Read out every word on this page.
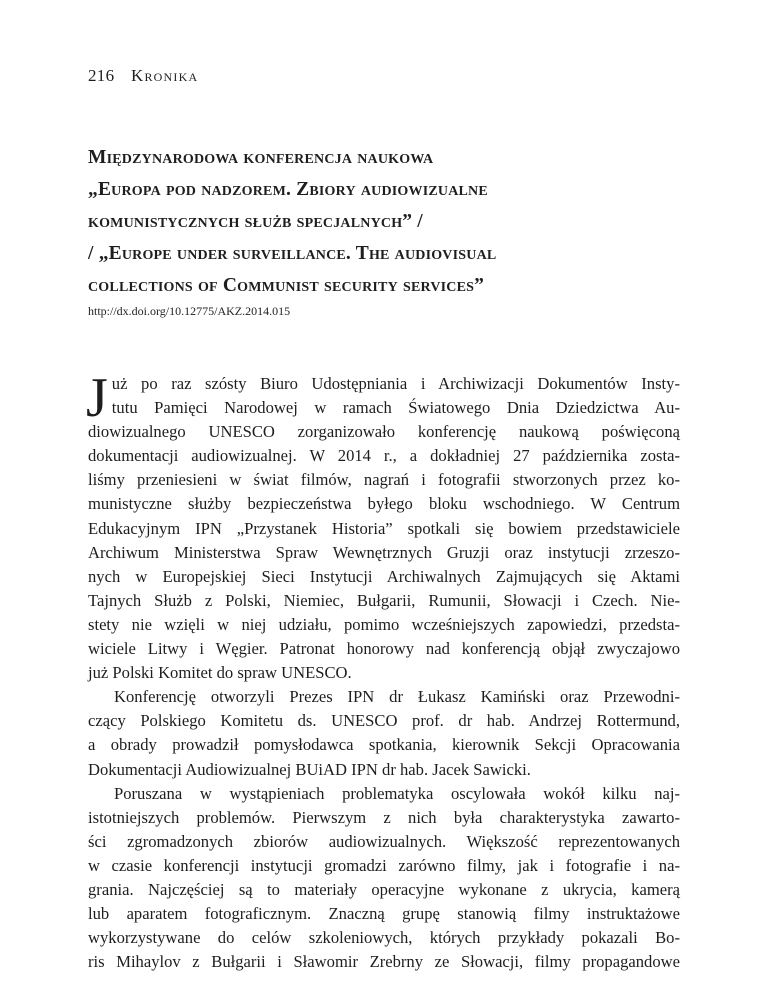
216 Kronika
Międzynarodowa konferencja naukowa
„Europa pod nadzorem. Zbiory audiowizualne
komunistycznych służb specjalnych” /
/ „Europe under surveillance. The audiovisual
collections of Communist security services”
http://dx.doi.org/10.12775/AKZ.2014.015

J uż po raz szósty Biuro Udostępniania i Archiwizacji Dokumentów Insty-
tutu Pamięci Narodowej w ramach Światowego Dnia Dziedzictwa Au-
diowizualnego UNESCO zorganizowało konferencję naukową poświęconą
dokumentacji audiowizualnej. W 2014 r., a dokładniej 27 października zosta-
liśmy przeniesieni w świat filmów, nagrań i fotografii stworzonych przez ko-
munistyczne służby bezpieczeństwa byłego bloku wschodniego. W Centrum
Edukacyjnym IPN „Przystanek Historia” spotkali się bowiem przedstawiciele
Archiwum Ministerstwa Spraw Wewnętrznych Gruzji oraz instytucji zrzeszo-
nych w Europejskiej Sieci Instytucji Archiwalnych Zajmujących się Aktami
Tajnych Służb z Polski, Niemiec, Bułgarii, Rumunii, Słowacji i Czech. Nie-
stety nie wzięli w niej udziału, pomimo wcześniejszych zapowiedzi, przedsta-
wiciele Litwy i Węgier. Patronat honorowy nad konferencją objął zwyczajowo
już Polski Komitet do spraw UNESCO.

Konferencję otworzyli Prezes IPN dr Łukasz Kamiński oraz Przewodni-
czący Polskiego Komitetu ds. UNESCO prof. dr hab. Andrzej Rottermund,
a obrady prowadził pomysłodawca spotkania, kierownik Sekcji Opracowania
Dokumentacji Audiowizualnej BUiAD IPN dr hab. Jacek Sawicki.

Poruszana w wystąpieniach problematyka oscylowała wokół kilku naj-
istotniejszych problemów. Pierwszym z nich była charakterystyka zawarto-
ści zgromadzonych zbiorów audiowizualnych. Większość reprezentowanych
w czasie konferencji instytucji gromadzi zarówno filmy, jak i fotografie i na-
grania. Najczęściej są to materiały operacyjne wykonane z ukrycia, kamerą
lub aparatem fotograficznym. Znaczną grupę stanowią filmy instruktażowe
wykorzystywane do celów szkoleniowych, których przykłady pokazali Bo-
ris Mihaylov z Bułgarii i Sławomir Zrebrny ze Słowacji, filmy propagandowe
